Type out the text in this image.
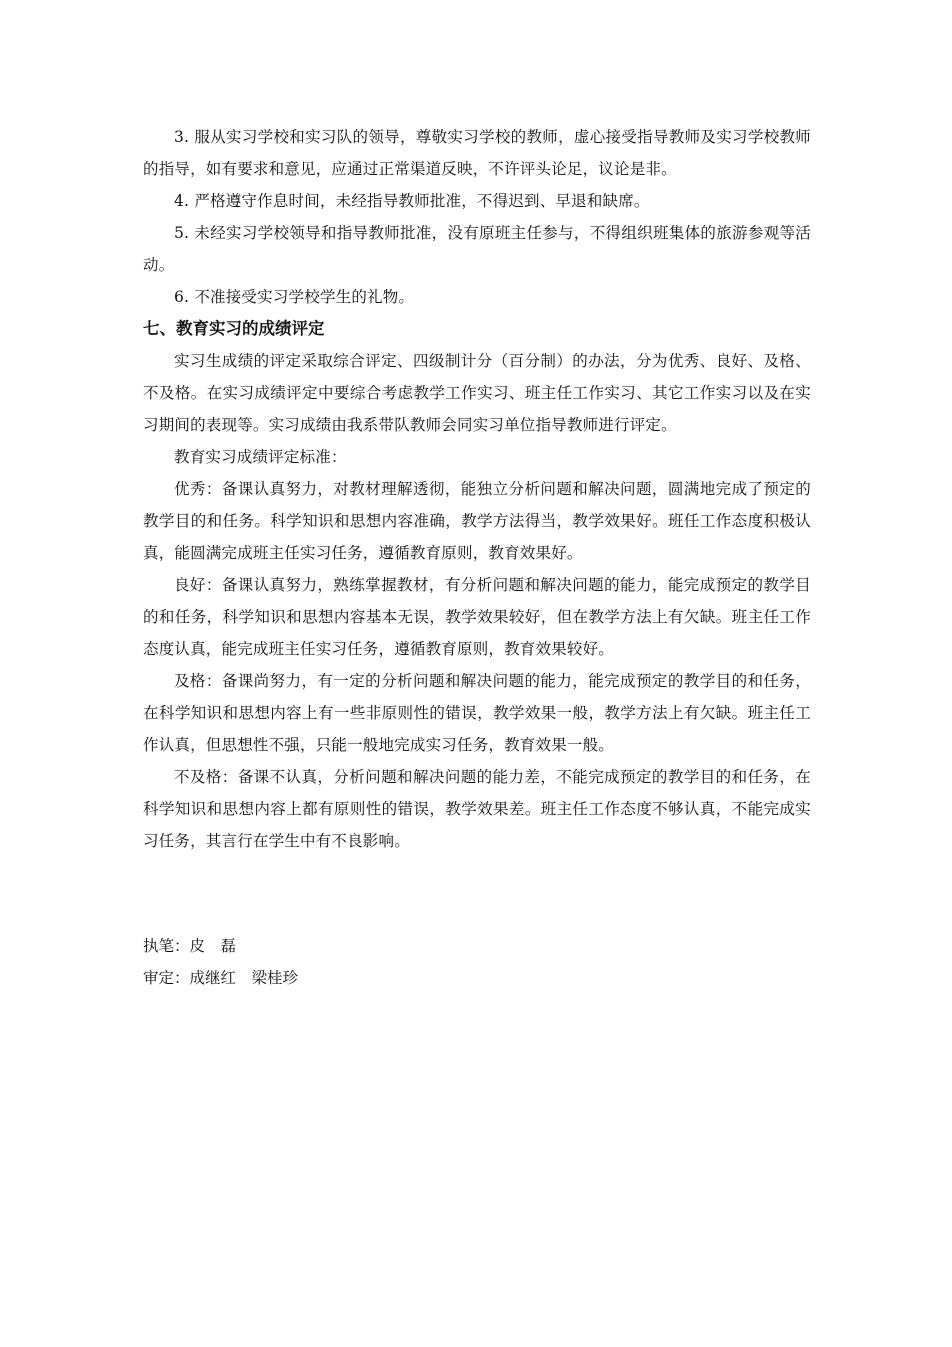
3. 服从实习学校和实习队的领导，尊敬实习学校的教师，虚心接受指导教师及实习学校教师的指导，如有要求和意见，应通过正常渠道反映，不许评头论足，议论是非。

4. 严格遵守作息时间，未经指导教师批准，不得迟到、早退和缺席。

5. 未经实习学校领导和指导教师批准，没有原班主任参与，不得组织班集体的旅游参观等活动。

6. 不准接受实习学校学生的礼物。

七、教育实习的成绩评定

实习生成绩的评定采取综合评定、四级制计分（百分制）的办法，分为优秀、良好、及格、不及格。在实习成绩评定中要综合考虑教学工作实习、班主任工作实习、其它工作实习以及在实习期间的表现等。实习成绩由我系带队教师会同实习单位指导教师进行评定。

教育实习成绩评定标准：

优秀：备课认真努力，对教材理解透彻，能独立分析问题和解决问题，圆满地完成了预定的教学目的和任务。科学知识和思想内容准确，教学方法得当，教学效果好。班任工作态度积极认真，能圆满完成班主任实习任务，遵循教育原则，教育效果好。

良好：备课认真努力，熟练掌握教材，有分析问题和解决问题的能力，能完成预定的教学目的和任务，科学知识和思想内容基本无误，教学效果较好，但在教学方法上有欠缺。班主任工作态度认真，能完成班主任实习任务，遵循教育原则，教育效果较好。

及格：备课尚努力，有一定的分析问题和解决问题的能力，能完成预定的教学目的和任务，在科学知识和思想内容上有一些非原则性的错误，教学效果一般，教学方法上有欠缺。班主任工作认真，但思想性不强，只能一般地完成实习任务，教育效果一般。

不及格：备课不认真，分析问题和解决问题的能力差，不能完成预定的教学目的和任务，在科学知识和思想内容上都有原则性的错误，教学效果差。班主任工作态度不够认真，不能完成实习任务，其言行在学生中有不良影响。

执笔：皮　磊

审定：成继红　梁桂珍
